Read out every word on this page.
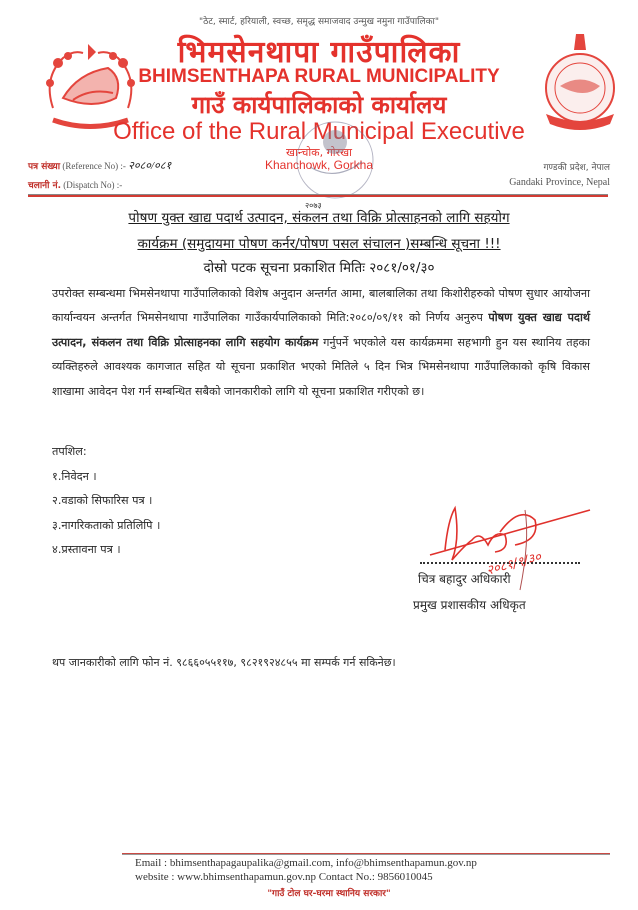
"ठेट, स्मार्ट, हरियाली, स्वच्छ, समृद्ध समाजवाद उन्मुख नमुना गाउँपालिका"
भिमसेनथापा गाउँपालिका
BHIMSENTHAPA RURAL MUNICIPALITY
गाउँ कार्यपालिकाको कार्यालय
Office of the Rural Municipal Executive
खान्चोक, गोरखा
Khanchowk, Gorkha
पत्र संख्या (Reference No) :- २०८०/०८१
चलानी नं. (Dispatch No) :-
गण्डकी प्रदेश, नेपाल
Gandaki Province, Nepal
२०७३
पोषण युक्त खाद्य पदार्थ उत्पादन, संकलन तथा विक्रि प्रोत्साहनको लागि सहयोग
कार्यक्रम (समुदायमा पोषण कर्नर/पोषण पसल संचालन )सम्बन्धि सूचना !!!
दोस्रो पटक सूचना प्रकाशित मितिः २०८१/०१/३०
उपरोक्त सम्बन्धमा भिमसेनथापा गाउँपालिकाको विशेष अनुदान अन्तर्गत आमा, बालबालिका तथा किशोरीहरुको पोषण सुधार आयोजना कार्यान्वयन अन्तर्गत भिमसेनथापा गाउँपालिका गाउँकार्यपालिकाको मिति:२०८०/०९/११ को निर्णय अनुरुप पोषण युक्त खाद्य पदार्थ उत्पादन, संकलन तथा विक्रि प्रोत्साहनका लागि सहयोग कार्यक्रम गर्नुपर्ने भएकोले यस कार्यक्रममा सहभागी हुन यस स्थानिय तहका व्यक्तिहरुले आवश्यक कागजात सहित यो सूचना प्रकाशित भएको मितिले ५ दिन भित्र भिमसेनथापा गाउँपालिकाको कृषि विकास शाखामा आवेदन पेश गर्न सम्बन्धित सबैको जानकारीको लागि यो सूचना प्रकाशित गरीएको छ।
तपशिल:
१.निवेदन ।
२.वडाको सिफारिस पत्र ।
३.नागरिकताको प्रतिलिपि ।
४.प्रस्तावना पत्र ।
२०८१/१/३०
चित्र बहादुर अधिकारी
प्रमुख प्रशासकीय अधिकृत
थप जानकारीको लागि फोन नं. ९८६६०५५११७, ९८२१९२४८५५ मा सम्पर्क गर्न सकिनेछ।
Email : bhimsenthapagaupalika@gmail.com, info@bhimsenthapamun.gov.np
website : www.bhimsenthapamun.gov.np Contact No.: 9856010045
"गाउँ टोल घर-घरमा स्थानिय सरकार"
